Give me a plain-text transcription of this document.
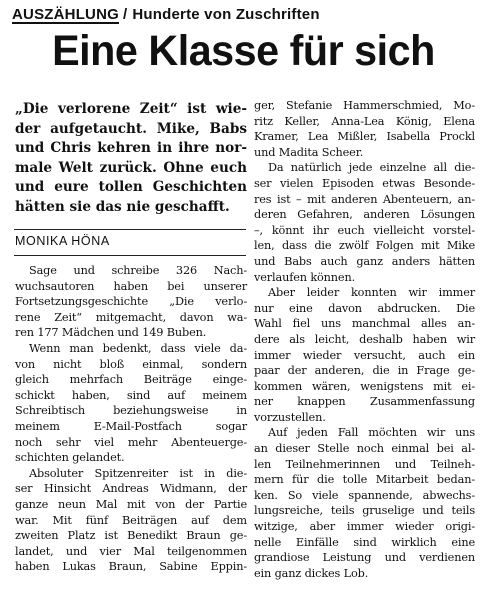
AUSZÄHLUNG / Hunderte von Zuschriften
Eine Klasse für sich
„Die verlorene Zeit“ ist wie-
der aufgetaucht. Mike, Babs
und Chris kehren in ihre nor-
male Welt zurück. Ohne euch
und eure tollen Geschichten
hätten sie das nie geschafft.
MONIKA HÖNA
Sage und schreibe 326 Nach-
wuchsautoren haben bei unserer
Fortsetzungsgeschichte „Die verlo-
rene Zeit“ mitgemacht, davon wa-
ren 177 Mädchen und 149 Buben.
Wenn man bedenkt, dass viele da-
von nicht bloß einmal, sondern
gleich mehrfach Beiträge einge-
schickt haben, sind auf meinem
Schreibtisch beziehungsweise in
meinem E-Mail-Postfach sogar
noch sehr viel mehr Abenteuerge-
schichten gelandet.
Absoluter Spitzenreiter ist in die-
ser Hinsicht Andreas Widmann, der
ganze neun Mal mit von der Partie
war. Mit fünf Beiträgen auf dem
zweiten Platz ist Benedikt Braun ge-
landet, und vier Mal teilgenommen
haben Lukas Braun, Sabine Eppin-
ger, Stefanie Hammerschmied, Mo-
ritz Keller, Anna-Lea König, Elena
Kramer, Lea Mißler, Isabella Prockl
und Madita Scheer.
Da natürlich jede einzelne all die-
ser vielen Episoden etwas Besonde-
res ist – mit anderen Abenteuern, an-
deren Gefahren, anderen Lösungen
–, könnt ihr euch vielleicht vorstel-
len, dass die zwölf Folgen mit Mike
und Babs auch ganz anders hätten
verlaufen können.
Aber leider konnten wir immer
nur eine davon abdrucken. Die
Wahl fiel uns manchmal alles an-
dere als leicht, deshalb haben wir
immer wieder versucht, auch ein
paar der anderen, die in Frage ge-
kommen wären, wenigstens mit ei-
ner knappen Zusammenfassung
vorzustellen.
Auf jeden Fall möchten wir uns
an dieser Stelle noch einmal bei al-
len Teilnehmerinnen und Teilneh-
mern für die tolle Mitarbeit bedan-
ken. So viele spannende, abwechs-
lungsreiche, teils gruselige und teils
witzige, aber immer wieder origi-
nelle Einfälle sind wirklich eine
grandiose Leistung und verdienen
ein ganz dickes Lob.
